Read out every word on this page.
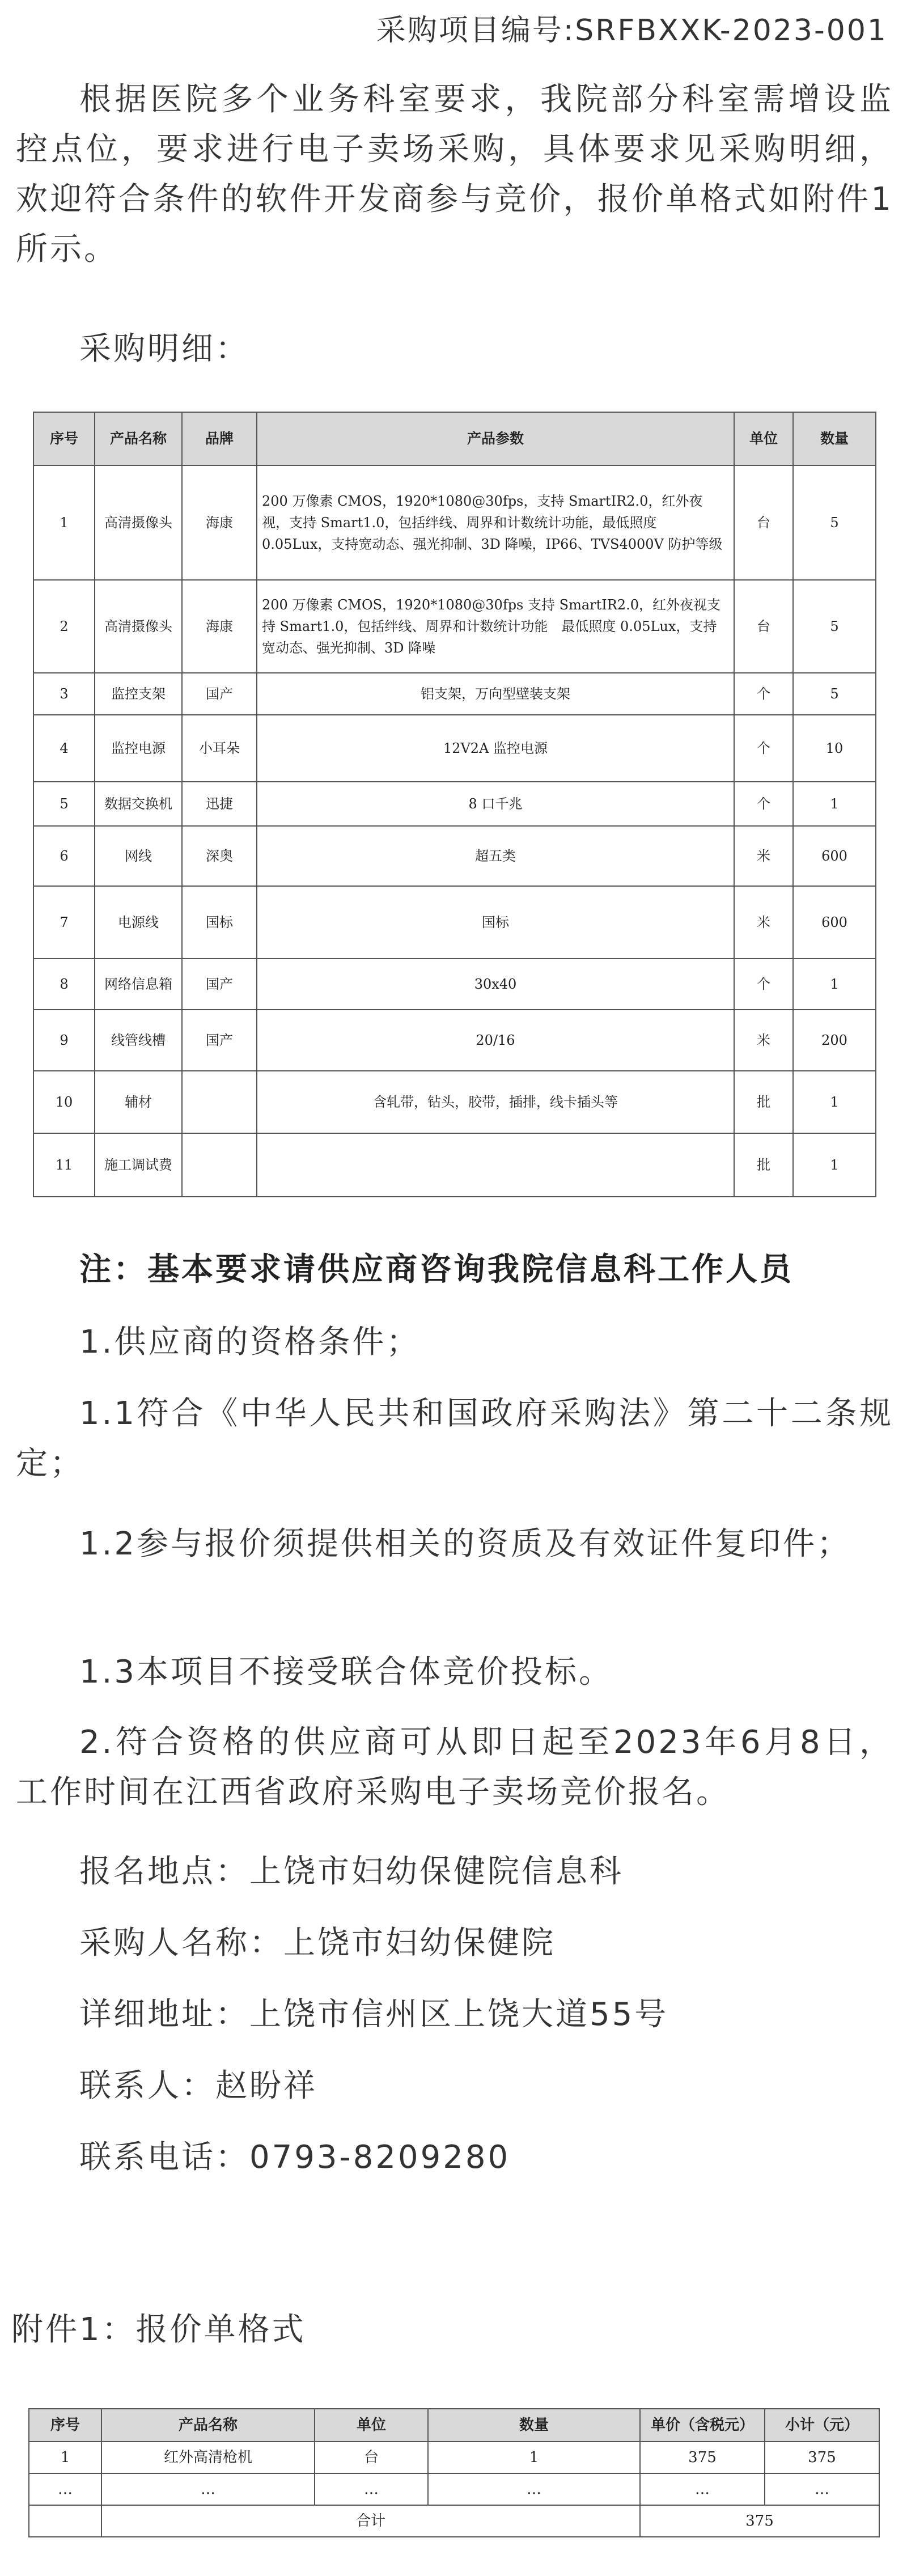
采购项目编号:SRFBXXK-2023-001
根据医院多个业务科室要求，我院部分科室需增设监控点位，要求进行电子卖场采购，具体要求见采购明细，欢迎符合条件的软件开发商参与竞价，报价单格式如附件1所示。
采购明细：
序号	产品名称	品牌	产品参数	单位	数量
1	高清摄像头	海康	200 万像素 CMOS，1920*1080@30fps，支持 SmartIR2.0，红外夜视，支持 Smart1.0，包括绊线、周界和计数统计功能，最低照度 0.05Lux，支持宽动态、强光抑制、3D 降噪，IP66、TVS4000V 防护等级	台	5
2	高清摄像头	海康	200 万像素 CMOS，1920*1080@30fps 支持 SmartIR2.0，红外夜视支持 Smart1.0，包括绊线、周界和计数统计功能　最低照度 0.05Lux，支持宽动态、强光抑制、3D 降噪	台	5
3	监控支架	国产	铝支架，万向型壁装支架	个	5
4	监控电源	小耳朵	12V2A 监控电源	个	10
5	数据交换机	迅捷	8 口千兆	个	1
6	网线	深奥	超五类	米	600
7	电源线	国标	国标	米	600
8	网络信息箱	国产	30x40	个	1
9	线管线槽	国产	20/16	米	200
10	辅材		含轧带，钻头，胶带，插排，线卡插头等	批	1
11	施工调试费			批	1
注：基本要求请供应商咨询我院信息科工作人员
1.供应商的资格条件；
1.1符合《中华人民共和国政府采购法》第二十二条规定；
1.2参与报价须提供相关的资质及有效证件复印件；
1.3本项目不接受联合体竞价投标。
2.符合资格的供应商可从即日起至2023年6月8日，工作时间在江西省政府采购电子卖场竞价报名。
报名地点：上饶市妇幼保健院信息科
采购人名称：上饶市妇幼保健院
详细地址：上饶市信州区上饶大道55号
联系人：赵盼祥
联系电话：0793-8209280
附件1：报价单格式
序号	产品名称	单位	数量	单价（含税元）	小计（元）
1	红外高清枪机	台	1	375	375
…	…	…	…	…	…
	合计			375	
